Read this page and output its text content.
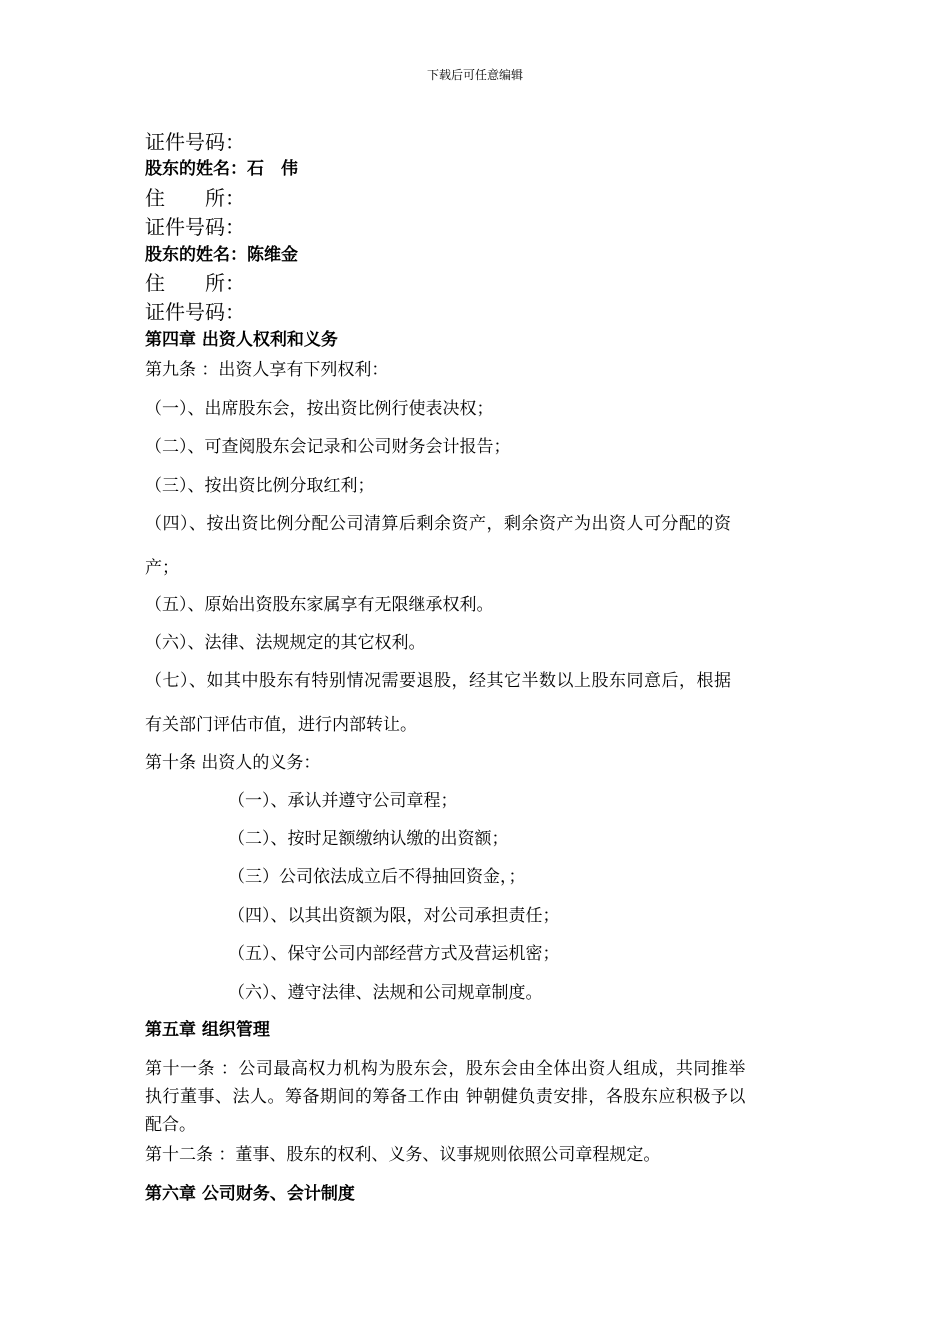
下载后可任意编辑
证件号码：
股东的姓名：石　伟
住　　所：
证件号码：
股东的姓名：陈维金
住　　所：
证件号码：
第四章 出资人权利和义务
第九条 ：出资人享有下列权利：
（一）、出席股东会，按出资比例行使表决权；
（二）、可查阅股东会记录和公司财务会计报告；
（三）、按出资比例分取红利；
（四）、按出资比例分配公司清算后剩余资产，剩余资产为出资人可分配的资
产；
（五）、原始出资股东家属享有无限继承权利。
（六）、法律、法规规定的其它权利。
（七）、如其中股东有特别情况需要退股，经其它半数以上股东同意后，根据
有关部门评估市值，进行内部转让。
第十条 出资人的义务：
（一）、承认并遵守公司章程；
（二）、按时足额缴纳认缴的出资额；
（三）公司依法成立后不得抽回资金，；
（四）、以其出资额为限，对公司承担责任；
（五）、保守公司内部经营方式及营运机密；
（六）、遵守法律、法规和公司规章制度。
第五章 组织管理
第十一条 ：公司最高权力机构为股东会，股东会由全体出资人组成，共同推举
执行董事、法人。筹备期间的筹备工作由 钟朝健负责安排，各股东应积极予以
配合。
第十二条 ：董事、股东的权利、义务、议事规则依照公司章程规定。
第六章 公司财务、会计制度
